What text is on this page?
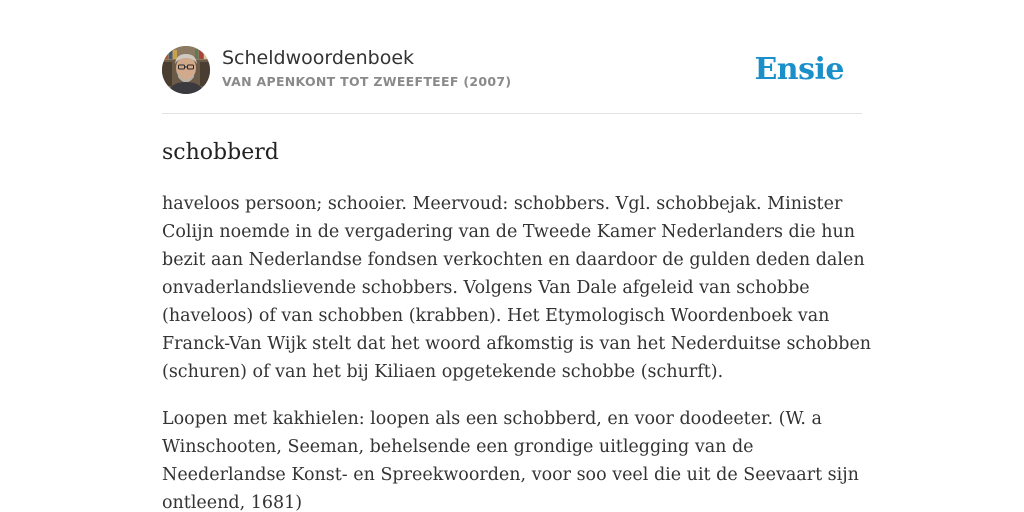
Scheldwoordenboek
VAN APENKONT TOT ZWEEFTEEF (2007)	Ensie
schobberd

haveloos persoon; schooier. Meervoud: schobbers. Vgl. schobbejak. Minister Colijn noemde in de vergadering van de Tweede Kamer Nederlanders die hun bezit aan Nederlandse fondsen verkochten en daardoor de gulden deden dalen onvaderlandslievende schobbers. Volgens Van Dale afgeleid van schobbe (haveloos) of van schobben (krabben). Het Etymologisch Woordenboek van Franck-Van Wijk stelt dat het woord afkomstig is van het Nederduitse schobben (schuren) of van het bij Kiliaen opgetekende schobbe (schurft).

Loopen met kakhielen: loopen als een schobberd, en voor doodeeter. (W. a Winschooten, Seeman, behelsende een grondige uitlegging van de Neederlandse Konst- en Spreekwoorden, voor soo veel die uit de Seevaart sijn ontleend, 1681)
